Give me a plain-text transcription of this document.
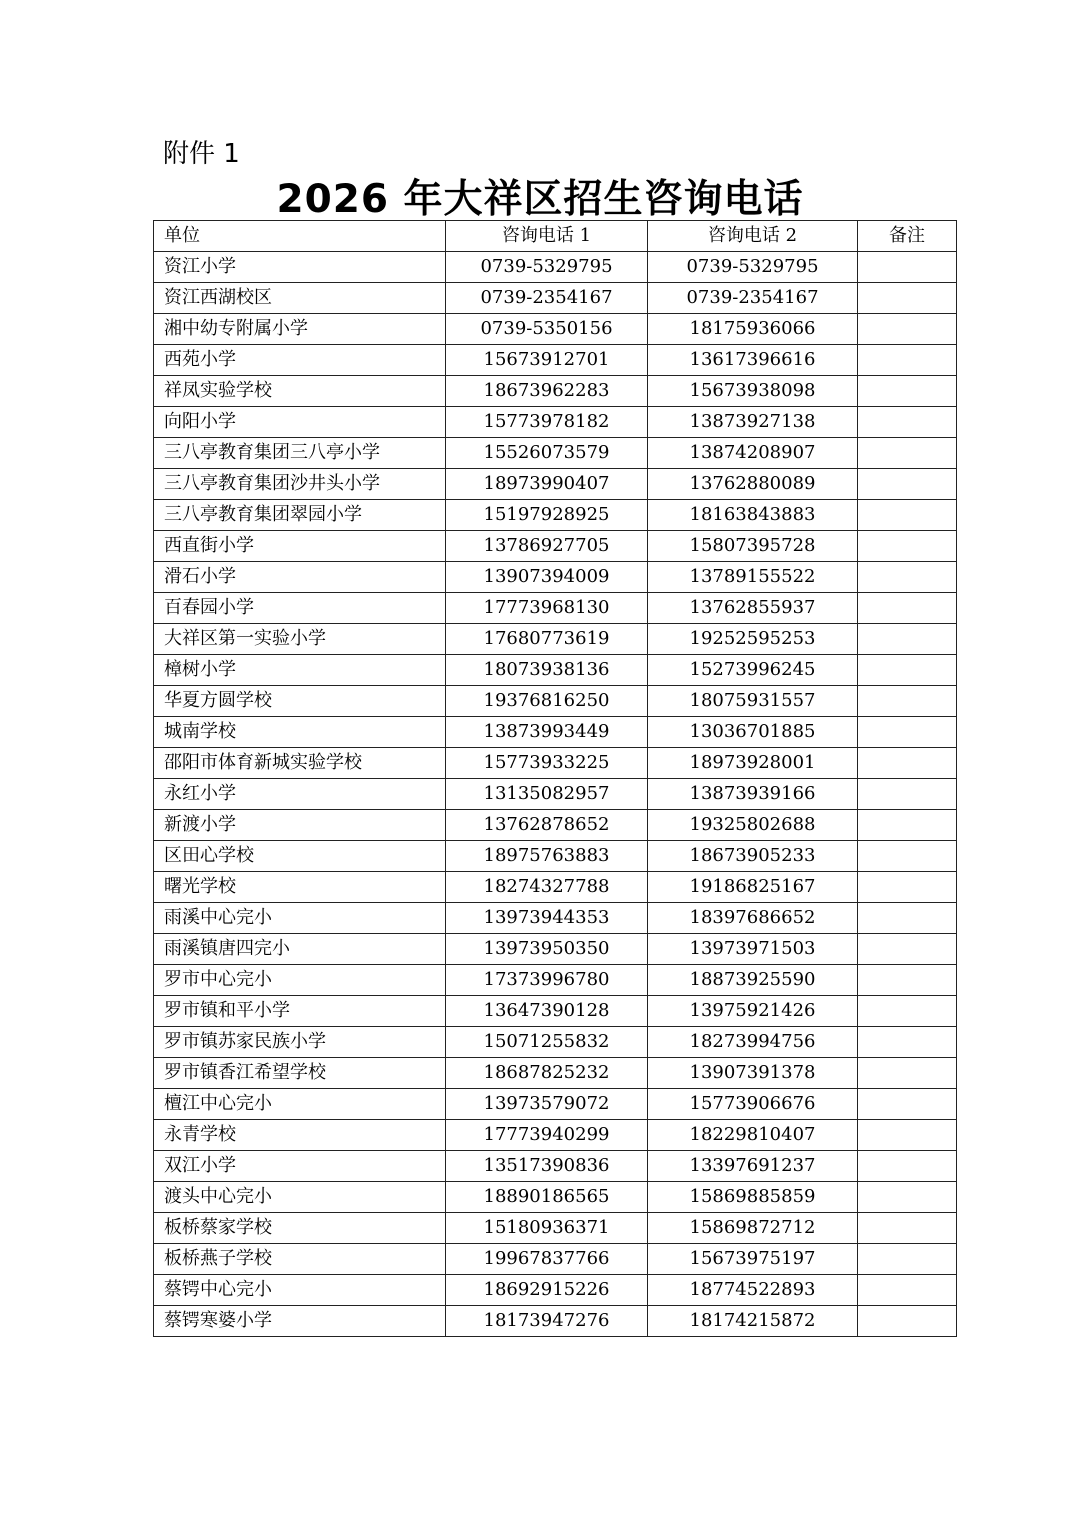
附件 1
2026 年大祥区招生咨询电话
单位	咨询电话 1	咨询电话 2	备注
资江小学	0739-5329795	0739-5329795	
资江西湖校区	0739-2354167	0739-2354167	
湘中幼专附属小学	0739-5350156	18175936066	
西苑小学	15673912701	13617396616	
祥凤实验学校	18673962283	15673938098	
向阳小学	15773978182	13873927138	
三八亭教育集团三八亭小学	15526073579	13874208907	
三八亭教育集团沙井头小学	18973990407	13762880089	
三八亭教育集团翠园小学	15197928925	18163843883	
西直街小学	13786927705	15807395728	
滑石小学	13907394009	13789155522	
百春园小学	17773968130	13762855937	
大祥区第一实验小学	17680773619	19252595253	
樟树小学	18073938136	15273996245	
华夏方圆学校	19376816250	18075931557	
城南学校	13873993449	13036701885	
邵阳市体育新城实验学校	15773933225	18973928001	
永红小学	13135082957	13873939166	
新渡小学	13762878652	19325802688	
区田心学校	18975763883	18673905233	
曙光学校	18274327788	19186825167	
雨溪中心完小	13973944353	18397686652	
雨溪镇唐四完小	13973950350	13973971503	
罗市中心完小	17373996780	18873925590	
罗市镇和平小学	13647390128	13975921426	
罗市镇苏家民族小学	15071255832	18273994756	
罗市镇香江希望学校	18687825232	13907391378	
檀江中心完小	13973579072	15773906676	
永青学校	17773940299	18229810407	
双江小学	13517390836	13397691237	
渡头中心完小	18890186565	15869885859	
板桥蔡家学校	15180936371	15869872712	
板桥燕子学校	19967837766	15673975197	
蔡锷中心完小	18692915226	18774522893	
蔡锷寒婆小学	18173947276	18174215872	
